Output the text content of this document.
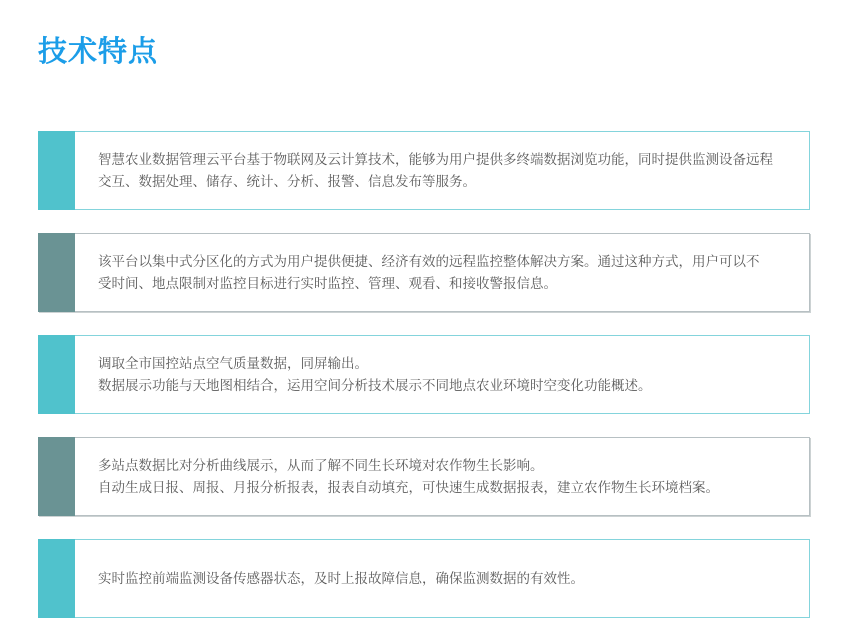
技术特点
智慧农业数据管理云平台基于物联网及云计算技术，能够为用户提供多终端数据浏览功能，同时提供监测设备远程
交互、数据处理、储存、统计、分析、报警、信息发布等服务。
该平台以集中式分区化的方式为用户提供便捷、经济有效的远程监控整体解决方案。通过这种方式，用户可以不
受时间、地点限制对监控目标进行实时监控、管理、观看、和接收警报信息。
调取全市国控站点空气质量数据，同屏输出。
数据展示功能与天地图相结合，运用空间分析技术展示不同地点农业环境时空变化功能概述。
多站点数据比对分析曲线展示，从而了解不同生长环境对农作物生长影响。
自动生成日报、周报、月报分析报表，报表自动填充，可快速生成数据报表，建立农作物生长环境档案。
实时监控前端监测设备传感器状态，及时上报故障信息，确保监测数据的有效性。
